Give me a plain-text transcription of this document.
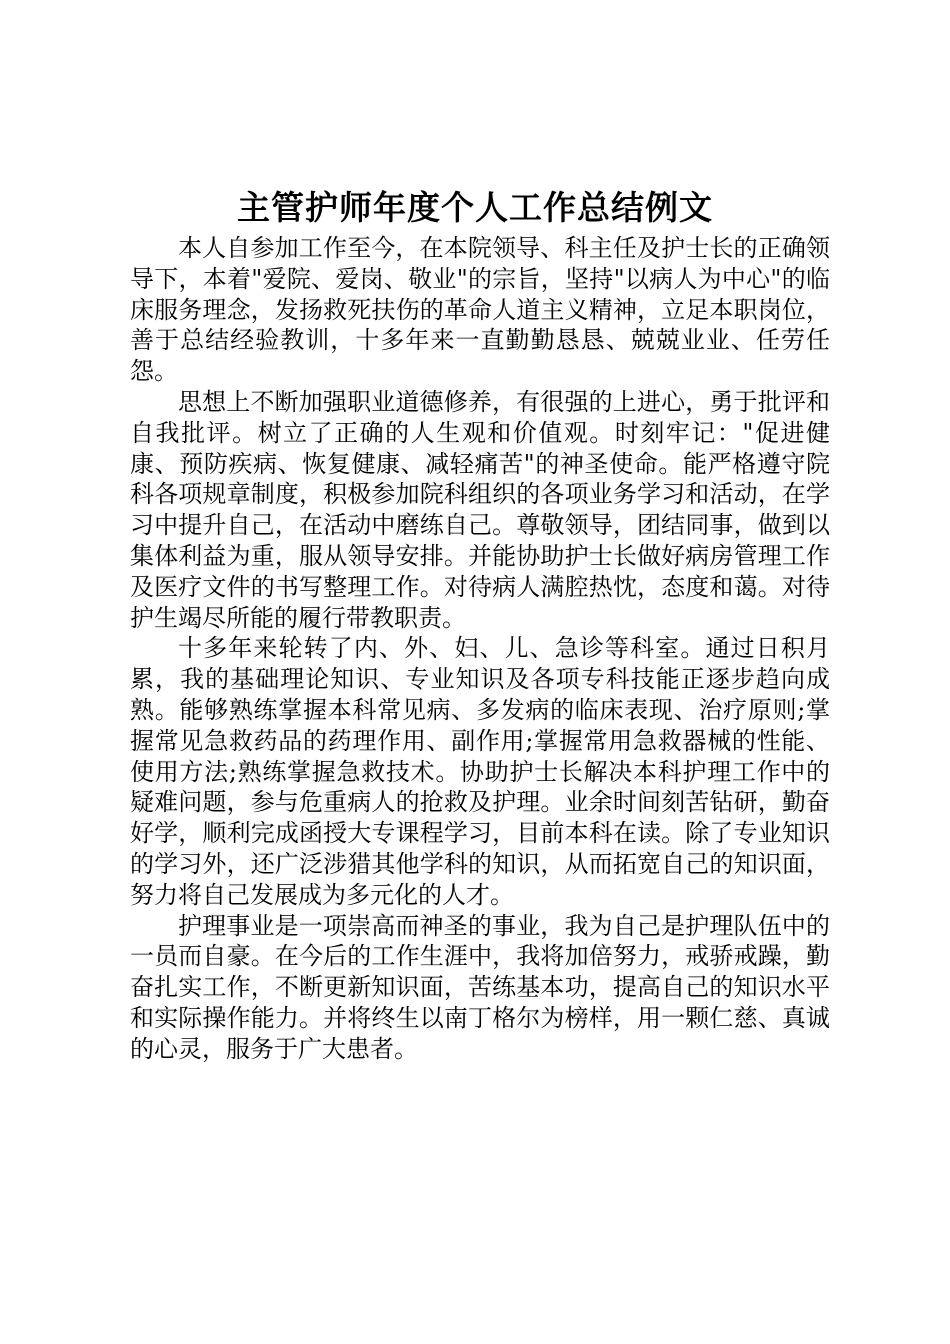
主管护师年度个人工作总结例文

本人自参加工作至今，在本院领导、科主任及护士长的正确领导下，本着"爱院、爱岗、敬业"的宗旨，坚持"以病人为中心"的临床服务理念，发扬救死扶伤的革命人道主义精神，立足本职岗位，善于总结经验教训，十多年来一直勤勤恳恳、兢兢业业、任劳任怨。

思想上不断加强职业道德修养，有很强的上进心，勇于批评和自我批评。树立了正确的人生观和价值观。时刻牢记："促进健康、预防疾病、恢复健康、减轻痛苦"的神圣使命。能严格遵守院科各项规章制度，积极参加院科组织的各项业务学习和活动，在学习中提升自己，在活动中磨练自己。尊敬领导，团结同事，做到以集体利益为重，服从领导安排。并能协助护士长做好病房管理工作及医疗文件的书写整理工作。对待病人满腔热忱，态度和蔼。对待护生竭尽所能的履行带教职责。

十多年来轮转了内、外、妇、儿、急诊等科室。通过日积月累，我的基础理论知识、专业知识及各项专科技能正逐步趋向成熟。能够熟练掌握本科常见病、多发病的临床表现、治疗原则;掌握常见急救药品的药理作用、副作用;掌握常用急救器械的性能、使用方法;熟练掌握急救技术。协助护士长解决本科护理工作中的疑难问题，参与危重病人的抢救及护理。业余时间刻苦钻研，勤奋好学，顺利完成函授大专课程学习，目前本科在读。除了专业知识的学习外，还广泛涉猎其他学科的知识，从而拓宽自己的知识面，努力将自己发展成为多元化的人才。

护理事业是一项崇高而神圣的事业，我为自己是护理队伍中的一员而自豪。在今后的工作生涯中，我将加倍努力，戒骄戒躁，勤奋扎实工作，不断更新知识面，苦练基本功，提高自己的知识水平和实际操作能力。并将终生以南丁格尔为榜样，用一颗仁慈、真诚的心灵，服务于广大患者。
